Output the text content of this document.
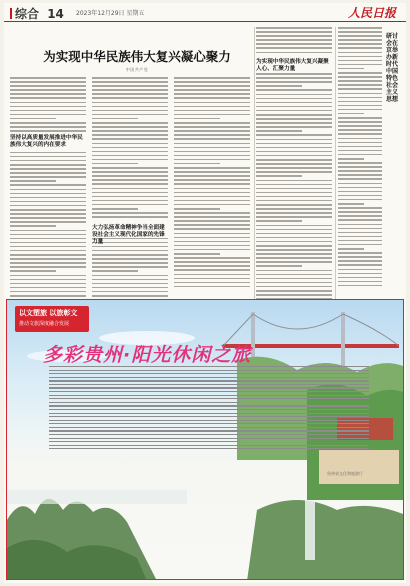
综合 14 2023年12月29日 星期五	人民日报
为实现中华民族伟大复兴凝心聚力
中国共产党
坚持以高质量发展推进中华民族伟大复兴的内在要求
大力弘扬革命精神争当全面建设社会主义现代化国家的先锋力量
为实现中华民族伟大复兴凝聚人心、汇聚力量
研讨会在京举办新时代中国特色社会主义思想
以文塑旅 以旅彰文
推动文旅深度融合发展
多彩贵州·阳光休闲之旅
贵州省文化和旅游厅
